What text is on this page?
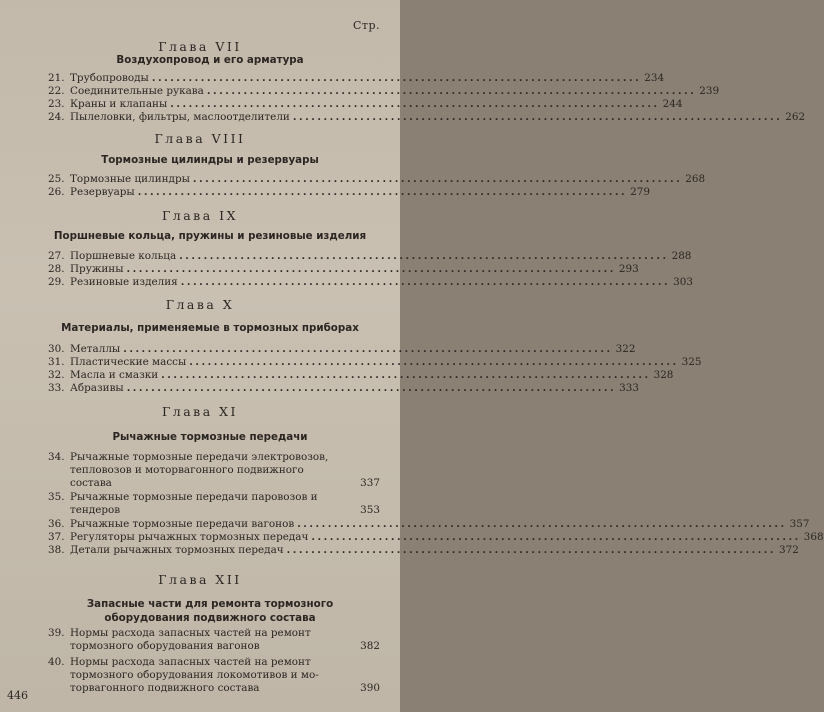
Стр.
Глава VII
Воздухопровод и его арматура
21. Трубопроводы ................................................................................ 234
22. Соединительные рукава ................................................................................ 239
23. Краны и клапаны ................................................................................ 244
24. Пылеловки, фильтры, маслоотделители ................................................................................ 262
Глава VIII
Тормозные цилиндры и резервуары
25. Тормозные цилиндры ................................................................................ 268
26. Резервуары ................................................................................ 279
Глава IX
Поршневые кольца, пружины и резиновые изделия
27. Поршневые кольца ................................................................................ 288
28. Пружины ................................................................................ 293
29. Резиновые изделия ................................................................................ 303
Глава X
Материалы, применяемые в тормозных приборах
30. Металлы ................................................................................ 322
31. Пластические массы ................................................................................ 325
32. Масла и смазки ................................................................................ 328
33. Абразивы ................................................................................ 333
Глава XI
Рычажные тормозные передачи
34. Рычажные тормозные передачи электровозов,
тепловозов и моторвагонного подвижного
состава	337
35. Рычажные тормозные передачи паровозов и
тендеров	353
36. Рычажные тормозные передачи вагонов ................................................................................ 357
37. Регуляторы рычажных тормозных передач ................................................................................ 368
38. Детали рычажных тормозных передач ................................................................................ 372
Глава XII
Запасные части для ремонта тормозного
оборудования подвижного состава
39. Нормы расхода запасных частей на ремонт
тормозного оборудования вагонов	382
40. Нормы расхода запасных частей на ремонт
тормозного оборудования локомотивов и мо-
торвагонного подвижного состава	390
446
